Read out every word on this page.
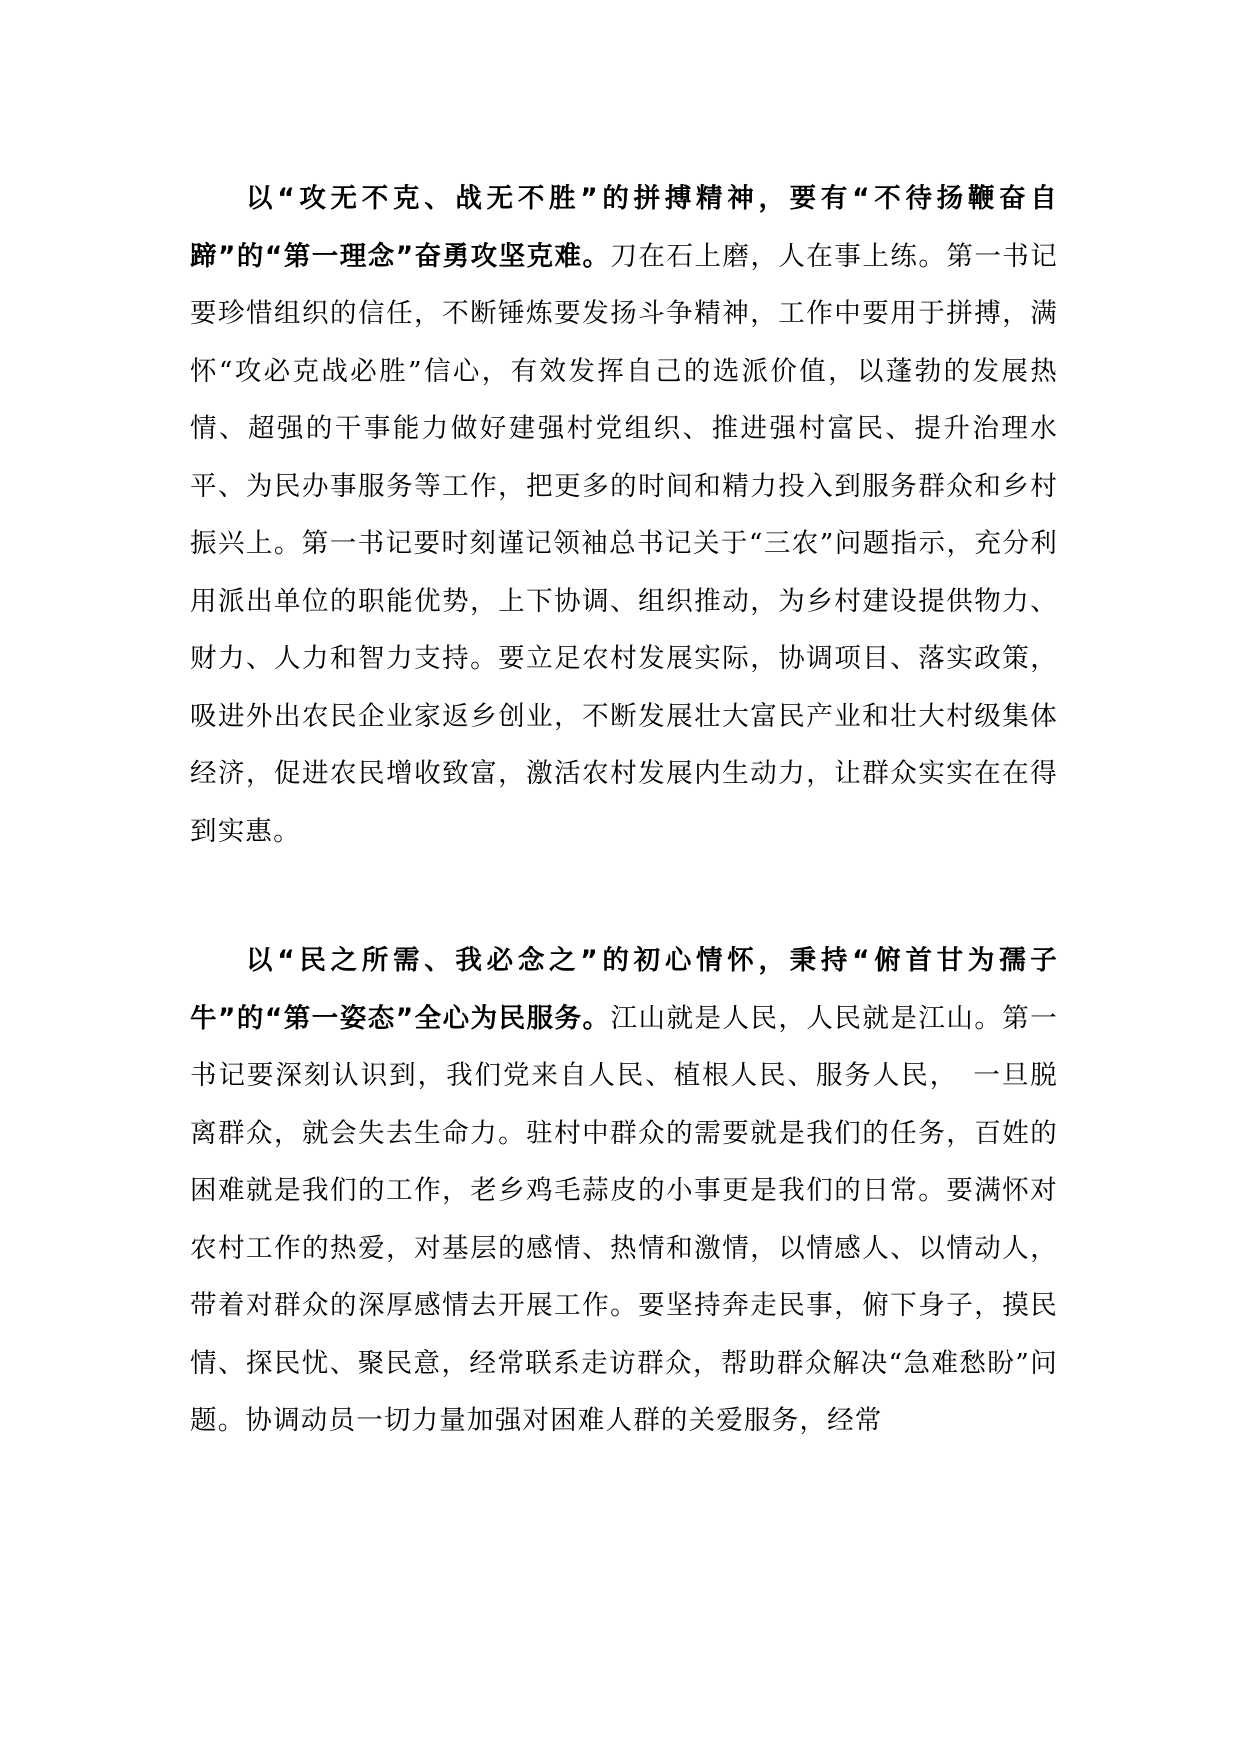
以“攻无不克、战无不胜”的拼搏精神，要有“不待扬鞭奋自蹄”的“第一理念”奋勇攻坚克难。刀在石上磨，人在事上练。第一书记要珍惜组织的信任，不断锤炼要发扬斗争精神，工作中要用于拼搏，满怀“攻必克战必胜”信心，有效发挥自己的选派价值，以蓬勃的发展热情、超强的干事能力做好建强村党组织、推进强村富民、提升治理水平、为民办事服务等工作，把更多的时间和精力投入到服务群众和乡村振兴上。第一书记要时刻谨记领袖总书记关于“三农”问题指示，充分利用派出单位的职能优势，上下协调、组织推动，为乡村建设提供物力、财力、人力和智力支持。要立足农村发展实际，协调项目、落实政策，吸进外出农民企业家返乡创业，不断发展壮大富民产业和壮大村级集体经济，促进农民增收致富，激活农村发展内生动力，让群众实实在在得到实惠。

以“民之所需、我必念之”的初心情怀，秉持“俯首甘为孺子牛”的“第一姿态”全心为民服务。江山就是人民，人民就是江山。第一书记要深刻认识到，我们党来自人民、植根人民、服务人民，　一旦脱离群众，就会失去生命力。驻村中群众的需要就是我们的任务，百姓的困难就是我们的工作，老乡鸡毛蒜皮的小事更是我们的日常。要满怀对农村工作的热爱，对基层的感情、热情和激情，以情感人、以情动人，带着对群众的深厚感情去开展工作。要坚持奔走民事，俯下身子，摸民情、探民忧、聚民意，经常联系走访群众，帮助群众解决“急难愁盼”问题。协调动员一切力量加强对困难人群的关爱服务，经常
